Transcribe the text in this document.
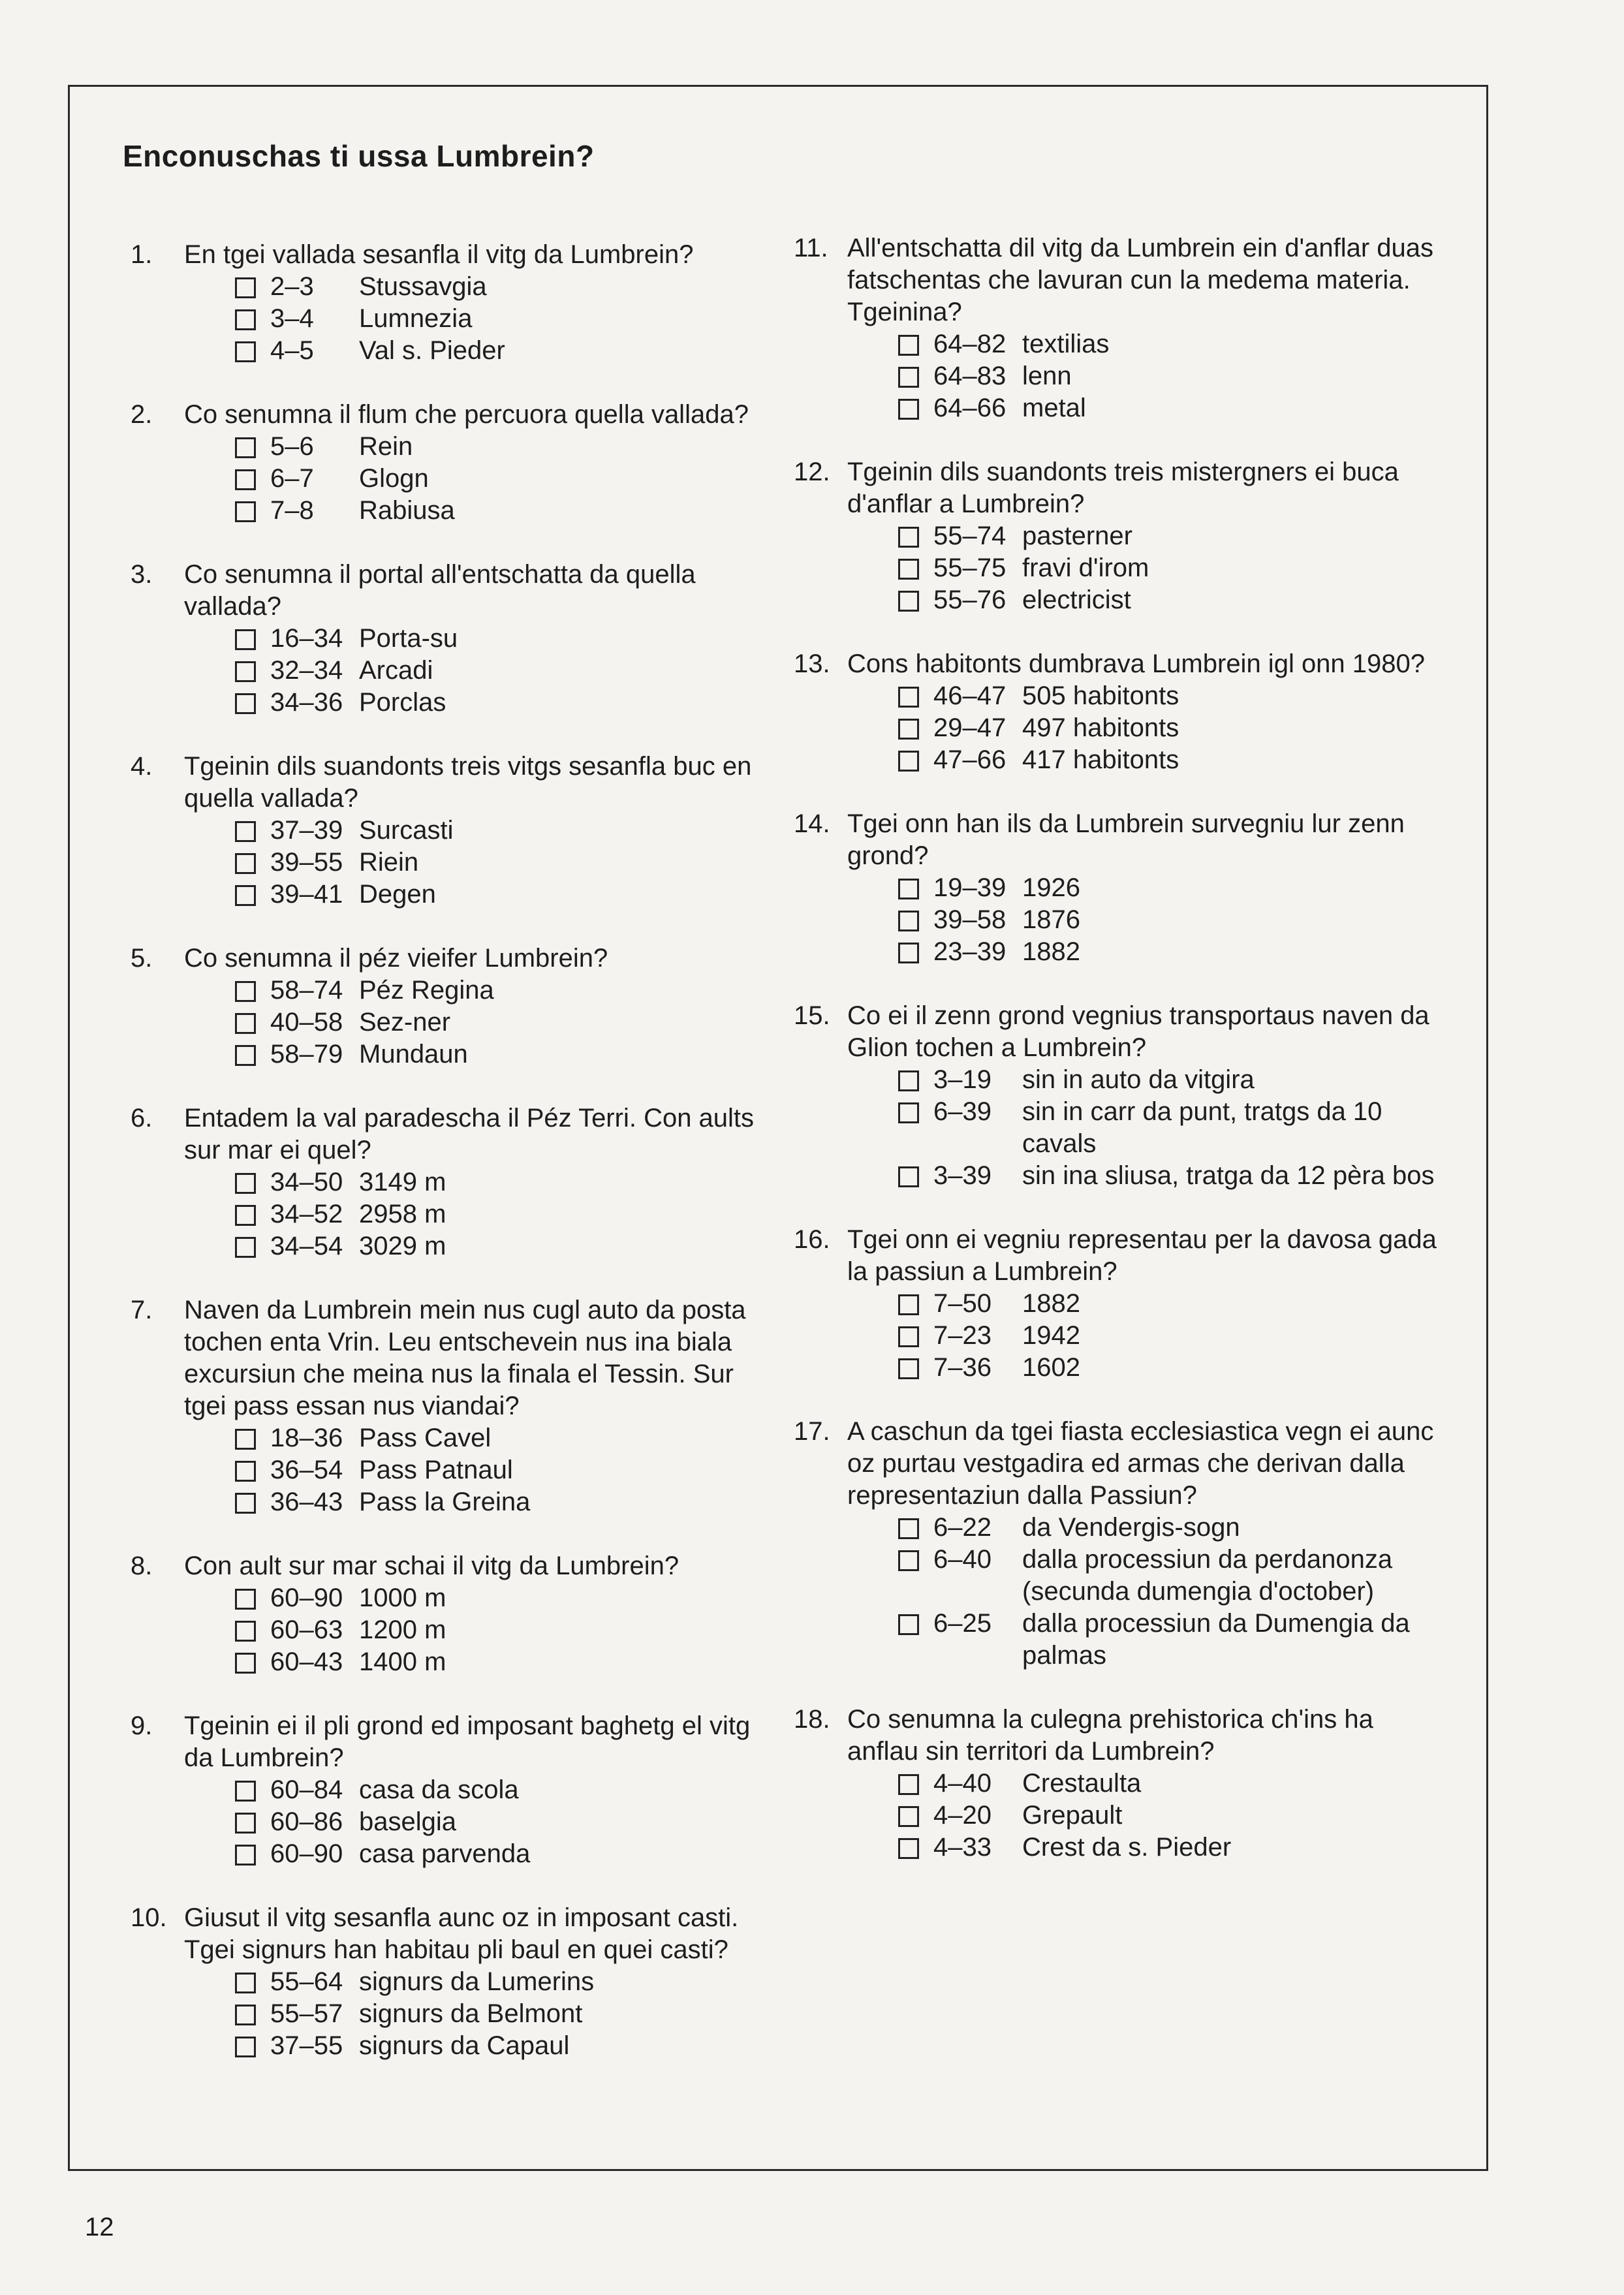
Enconuschas ti ussa Lumbrein?
1.	En tgei vallada sesanfla il vitg da Lumbrein?
2–3	Stussavgia
3–4	Lumnezia
4–5	Val s. Pieder
2.	Co senumna il flum che percuora quella vallada?
5–6	Rein
6–7	Glogn
7–8	Rabiusa
3.	Co senumna il portal all'entschatta da quella vallada?
16–34 Porta-su
32–34 Arcadi
34–36 Porclas
4.	Tgeinin dils suandonts treis vitgs sesanfla buc en quella vallada?
37–39 Surcasti
39–55 Riein
39–41 Degen
5.	Co senumna il péz vieifer Lumbrein?
58–74 Péz Regina
40–58 Sez-ner
58–79 Mundaun
6.	Entadem la val paradescha il Péz Terri. Con aults sur mar ei quel?
34–50 3149 m
34–52 2958 m
34–54 3029 m
7.	Naven da Lumbrein mein nus cugl auto da posta tochen enta Vrin. Leu entschevein nus ina biala excursiun che meina nus la finala el Tessin. Sur tgei pass essan nus viandai?
18–36 Pass Cavel
36–54 Pass Patnaul
36–43 Pass la Greina
8.	Con ault sur mar schai il vitg da Lumbrein?
60–90 1000 m
60–63 1200 m
60–43 1400 m
9.	Tgeinin ei il pli grond ed imposant baghetg el vitg da Lumbrein?
60–84 casa da scola
60–86 baselgia
60–90 casa parvenda
10. Giusut il vitg sesanfla aunc oz in imposant casti. Tgei signurs han habitau pli baul en quei casti?
55–64 signurs da Lumerins
55–57 signurs da Belmont
37–55 signurs da Capaul
11. All'entschatta dil vitg da Lumbrein ein d'anflar duas fatschentas che lavuran cun la medema materia. Tgeinina?
64–82 textilias
64–83 lenn
64–66 metal
12. Tgeinin dils suandonts treis mistergners ei buca d'anflar a Lumbrein?
55–74 pasterner
55–75 fravi d'irom
55–76 electricist
13. Cons habitonts dumbrava Lumbrein igl onn 1980?
46–47 505 habitonts
29–47 497 habitonts
47–66 417 habitonts
14. Tgei onn han ils da Lumbrein survegniu lur zenn grond?
19–39 1926
39–58 1876
23–39 1882
15. Co ei il zenn grond vegnius transportaus naven da Glion tochen a Lumbrein?
3–19	sin in auto da vitgira
6–39	sin in carr da punt, tratgs da 10 cavals
3–39	sin ina sliusa, tratga da 12 pèra bos
16. Tgei onn ei vegniu representau per la davosa gada la passiun a Lumbrein?
7–50	1882
7–23	1942
7–36	1602
17. A caschun da tgei fiasta ecclesiastica vegn ei aunc oz purtau vestgadira ed armas che derivan dalla representaziun dalla Passiun?
6–22	da Vendergis-sogn
6–40	dalla processiun da perdanonza (secunda dumengia d'october)
6–25	dalla processiun da Dumengia da palmas
18. Co senumna la culegna prehistorica ch'ins ha anflau sin territori da Lumbrein?
4–40	Crestaulta
4–20	Grepault
4–33	Crest da s. Pieder
12
